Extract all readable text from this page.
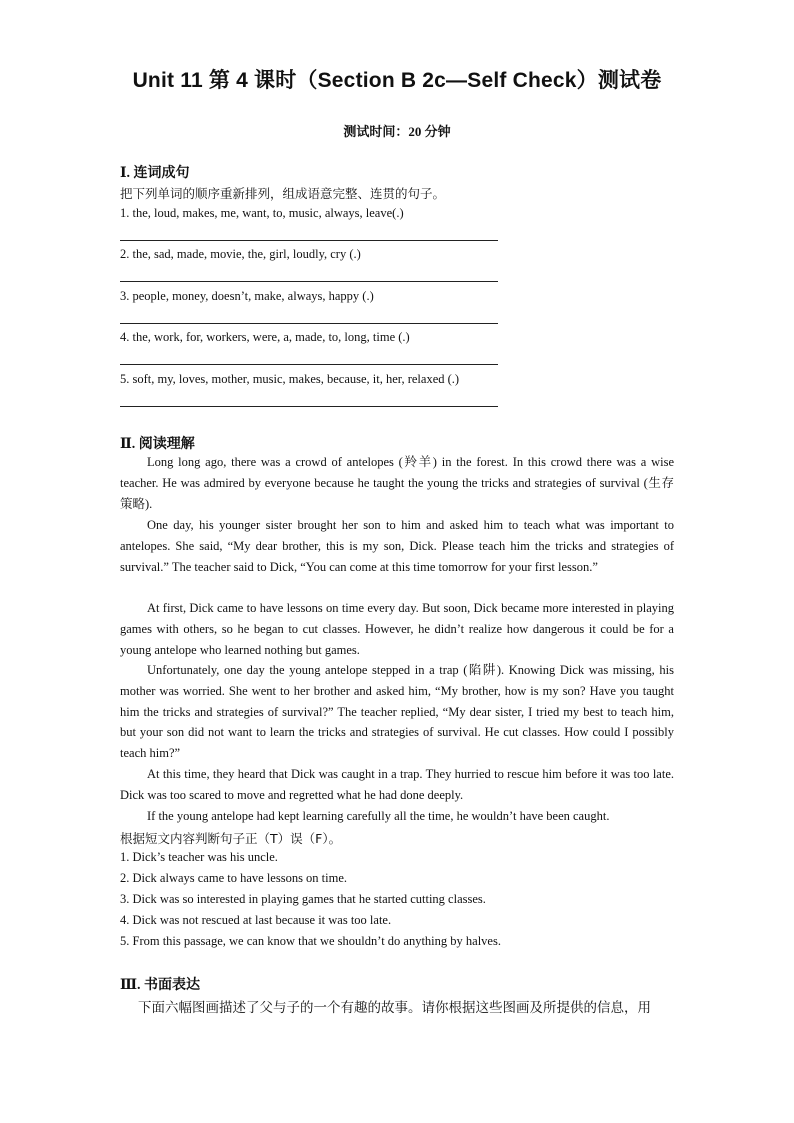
Unit 11 第 4 课时（Section B 2c—Self Check）测试卷
测试时间：20 分钟
Ⅰ. 连词成句
把下列单词的顺序重新排列，组成语意完整、连贯的句子。
1. the, loud, makes, me, want, to, music, always, leave(.)
2. the, sad, made, movie, the, girl, loudly, cry (.)
3. people, money, doesn’t, make, always, happy (.)
4. the, work, for, workers, were, a, made, to, long, time (.)
5. soft, my, loves, mother, music, makes, because, it, her, relaxed (.)
Ⅱ. 阅读理解

Long long ago, there was a crowd of antelopes (羚羊) in the forest. In this crowd there was a wise teacher. He was admired by everyone because he taught the young the tricks and strategies of survival (生存策略).

One day, his younger sister brought her son to him and asked him to teach what was important to antelopes. She said, “My dear brother, this is my son, Dick. Please teach him the tricks and strategies of survival.” The teacher said to Dick, “You can come at this time tomorrow for your first lesson.”

At first, Dick came to have lessons on time every day. But soon, Dick became more interested in playing games with others, so he began to cut classes. However, he didn’t realize how dangerous it could be for a young antelope who learned nothing but games.

Unfortunately, one day the young antelope stepped in a trap (陷阱). Knowing Dick was missing, his mother was worried. She went to her brother and asked him, “My brother, how is my son? Have you taught him the tricks and strategies of survival?” The teacher replied, “My dear sister, I tried my best to teach him, but your son did not want to learn the tricks and strategies of survival. He cut classes. How could I possibly teach him?”

At this time, they heard that Dick was caught in a trap. They hurried to rescue him before it was too late. Dick was too scared to move and regretted what he had done deeply.

If the young antelope had kept learning carefully all the time, he wouldn’t have been caught.

根据短文内容判断句子正（T）误（F）。
1. Dick’s teacher was his uncle.
2. Dick always came to have lessons on time.
3. Dick was so interested in playing games that he started cutting classes.
4. Dick was not rescued at last because it was too late.
5. From this passage, we can know that we shouldn’t do anything by halves.
Ⅲ. 书面表达
下面六幅图画描述了父与子的一个有趣的故事。请你根据这些图画及所提供的信息，用
